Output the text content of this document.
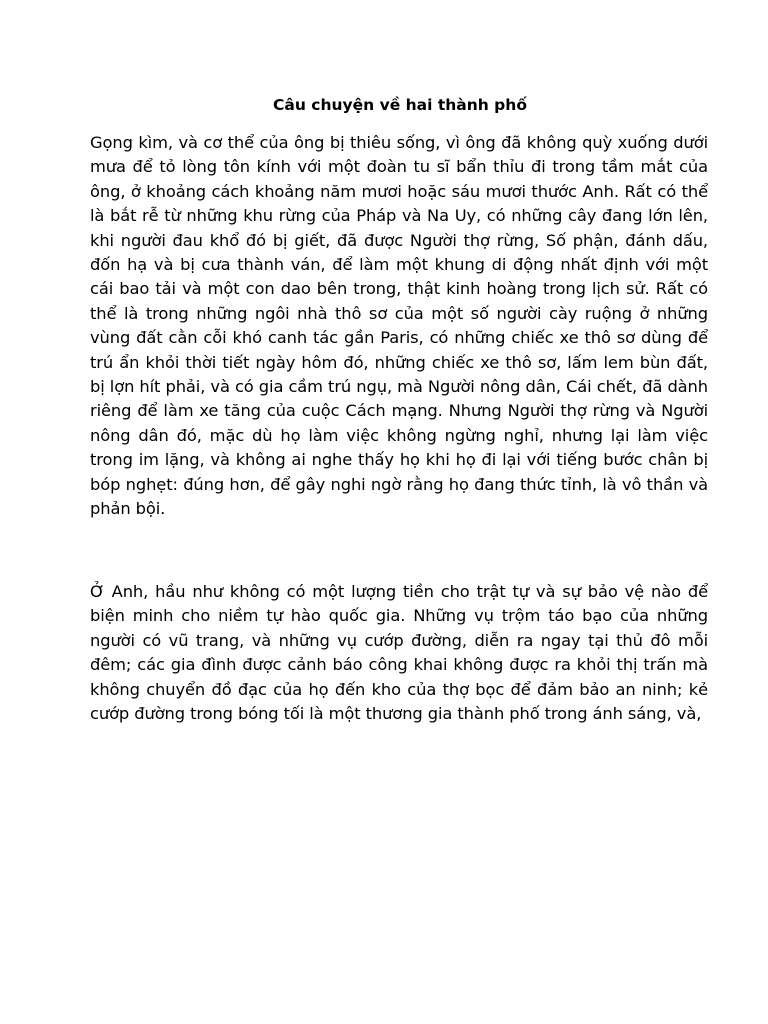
Câu chuyện về hai thành phố

Gọng kìm, và cơ thể của ông bị thiêu sống, vì ông đã không quỳ xuống dưới mưa để tỏ lòng tôn kính với một đoàn tu sĩ bẩn thỉu đi trong tầm mắt của ông, ở khoảng cách khoảng năm mươi hoặc sáu mươi thước Anh. Rất có thể là bắt rễ từ những khu rừng của Pháp và Na Uy, có những cây đang lớn lên, khi người đau khổ đó bị giết, đã được Người thợ rừng, Số phận, đánh dấu, đốn hạ và bị cưa thành ván, để làm một khung di động nhất định với một cái bao tải và một con dao bên trong, thật kinh hoàng trong lịch sử. Rất có thể là trong những ngôi nhà thô sơ của một số người cày ruộng ở những vùng đất cằn cỗi khó canh tác gần Paris, có những chiếc xe thô sơ dùng để trú ẩn khỏi thời tiết ngày hôm đó, những chiếc xe thô sơ, lấm lem bùn đất, bị lợn hít phải, và có gia cầm trú ngụ, mà Người nông dân, Cái chết, đã dành riêng để làm xe tăng của cuộc Cách mạng. Nhưng Người thợ rừng và Người nông dân đó, mặc dù họ làm việc không ngừng nghỉ, nhưng lại làm việc trong im lặng, và không ai nghe thấy họ khi họ đi lại với tiếng bước chân bị bóp nghẹt: đúng hơn, để gây nghi ngờ rằng họ đang thức tỉnh, là vô thần và phản bội.

Ở Anh, hầu như không có một lượng tiền cho trật tự và sự bảo vệ nào để biện minh cho niềm tự hào quốc gia. Những vụ trộm táo bạo của những người có vũ trang, và những vụ cướp đường, diễn ra ngay tại thủ đô mỗi đêm; các gia đình được cảnh báo công khai không được ra khỏi thị trấn mà không chuyển đồ đạc của họ đến kho của thợ bọc để đảm bảo an ninh; kẻ cướp đường trong bóng tối là một thương gia thành phố trong ánh sáng, và,
